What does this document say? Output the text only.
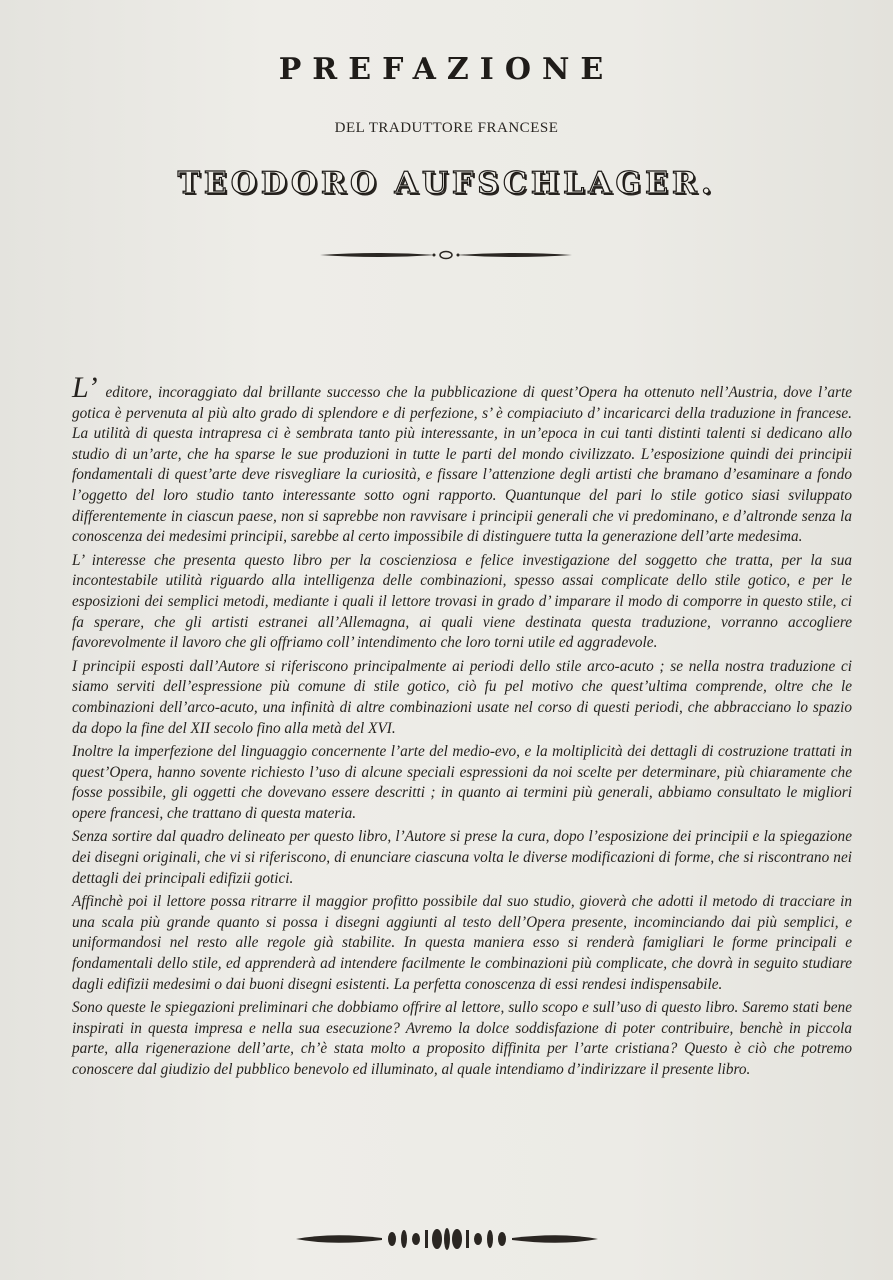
PREFAZIONE
DEL TRADUTTORE FRANCESE
TEODORO AUFSCHLAGER.

L’ editore, incoraggiato dal brillante successo che la pubblicazione di quest’Opera ha ottenuto nell’Austria, dove l’arte gotica è pervenuta al più alto grado di splendore e di perfezione, s’ è compiaciuto d’ incaricarci della traduzione in francese. La utilità di questa intrapresa ci è sembrata tanto più interessante, in un’epoca in cui tanti distinti talenti si dedicano allo studio di un’arte, che ha sparse le sue produzioni in tutte le parti del mondo civilizzato. L’esposizione quindi dei principii fondamentali di quest’arte deve risvegliare la curiosità, e fissare l’attenzione degli artisti che bramano d’esaminare a fondo l’oggetto del loro studio tanto interessante sotto ogni rapporto. Quantunque del pari lo stile gotico siasi sviluppato differentemente in ciascun paese, non si saprebbe non ravvisare i principii generali che vi predominano, e d’altronde senza la conoscenza dei medesimi principii, sarebbe al certo impossibile di distinguere tutta la generazione dell’arte medesima.

L’ interesse che presenta questo libro per la coscienziosa e felice investigazione del soggetto che tratta, per la sua incontestabile utilità riguardo alla intelligenza delle combinazioni, spesso assai complicate dello stile gotico, e per le esposizioni dei semplici metodi, mediante i quali il lettore trovasi in grado d’ imparare il modo di comporre in questo stile, ci fa sperare, che gli artisti estranei all’Allemagna, ai quali viene destinata questa traduzione, vorranno accogliere favorevolmente il lavoro che gli offriamo coll’ intendimento che loro torni utile ed aggradevole.

I principii esposti dall’Autore si riferiscono principalmente ai periodi dello stile arco-acuto ; se nella nostra traduzione ci siamo serviti dell’espressione più comune di stile gotico, ciò fu pel motivo che quest’ultima comprende, oltre che le combinazioni dell’arco-acuto, una infinità di altre combinazioni usate nel corso di questi periodi, che abbracciano lo spazio da dopo la fine del XII secolo fino alla metà del XVI.

Inoltre la imperfezione del linguaggio concernente l’arte del medio-evo, e la moltiplicità dei dettagli di costruzione trattati in quest’Opera, hanno sovente richiesto l’uso di alcune speciali espressioni da noi scelte per determinare, più chiaramente che fosse possibile, gli oggetti che dovevano essere descritti ; in quanto ai termini più generali, abbiamo consultato le migliori opere francesi, che trattano di questa materia.

Senza sortire dal quadro delineato per questo libro, l’Autore si prese la cura, dopo l’esposizione dei principii e la spiegazione dei disegni originali, che vi si riferiscono, di enunciare ciascuna volta le diverse modificazioni di forme, che si riscontrano nei dettagli dei principali edifizii gotici.

Affinchè poi il lettore possa ritrarre il maggior profitto possibile dal suo studio, gioverà che adotti il metodo di tracciare in una scala più grande quanto si possa i disegni aggiunti al testo dell’Opera presente, incominciando dai più semplici, e uniformandosi nel resto alle regole già stabilite. In questa maniera esso si renderà famigliari le forme principali e fondamentali dello stile, ed apprenderà ad intendere facilmente le combinazioni più complicate, che dovrà in seguito studiare dagli edifizii medesimi o dai buoni disegni esistenti. La perfetta conoscenza di essi rendesi indispensabile.

Sono queste le spiegazioni preliminari che dobbiamo offrire al lettore, sullo scopo e sull’uso di questo libro. Saremo stati bene inspirati in questa impresa e nella sua esecuzione? Avremo la dolce soddisfazione di poter contribuire, benchè in piccola parte, alla rigenerazione dell’arte, ch’è stata molto a proposito diffinita per l’arte cristiana? Questo è ciò che potremo conoscere dal giudizio del pubblico benevolo ed illuminato, al quale intendiamo d’indirizzare il presente libro.
